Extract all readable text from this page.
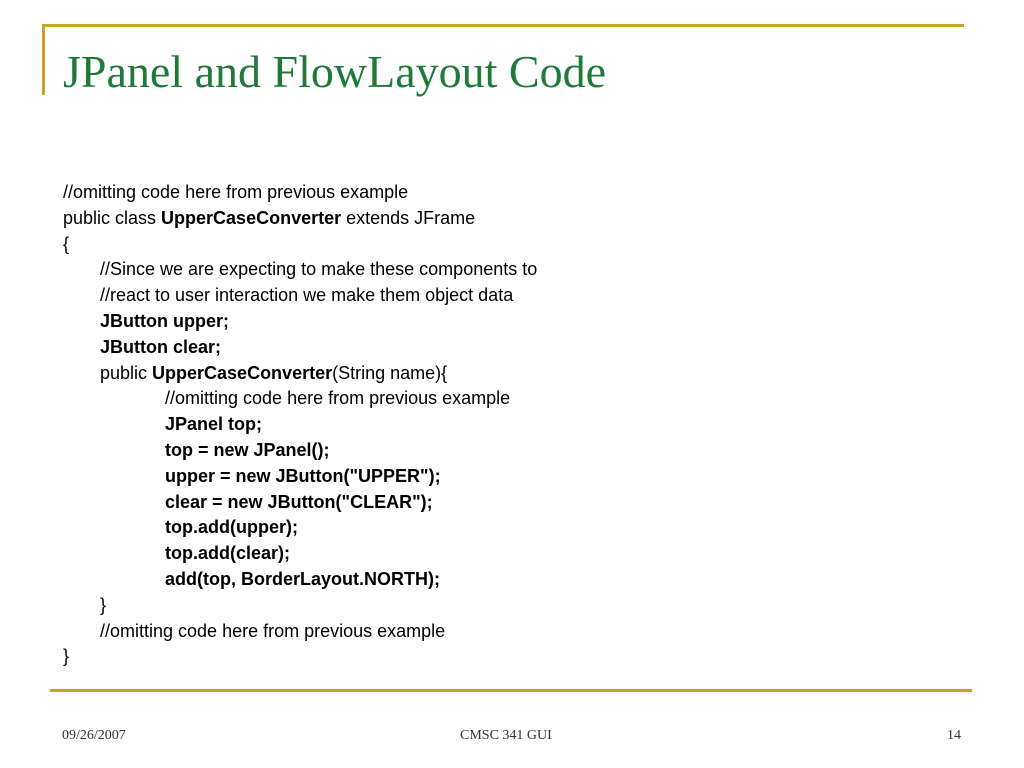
JPanel and FlowLayout Code
//omitting code here from previous example
public class UpperCaseConverter extends JFrame
{
//Since we are expecting to make these components to
//react to user interaction we make them object data
JButton upper;
JButton clear;
public UpperCaseConverter(String name){
//omitting code here from previous example
JPanel top;
top = new JPanel();
upper = new JButton("UPPER");
clear = new JButton("CLEAR");
top.add(upper);
top.add(clear);
add(top, BorderLayout.NORTH);
}
//omitting code here from previous example
}
09/26/2007	CMSC 341 GUI	14
